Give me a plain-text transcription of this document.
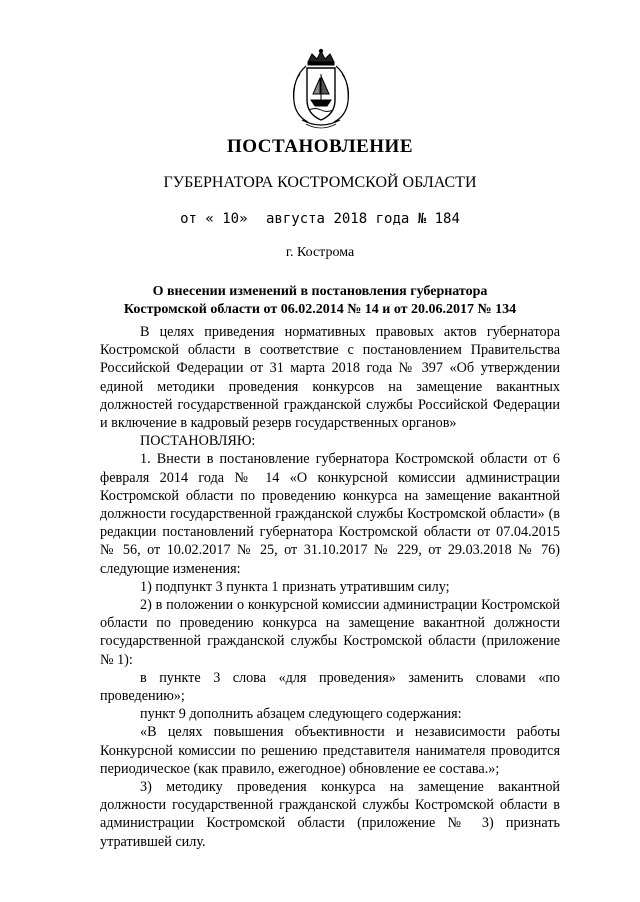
ПОСТАНОВЛЕНИЕ
ГУБЕРНАТОРА КОСТРОМСКОЙ ОБЛАСТИ
от « 10» августа 2018 года № 184
г. Кострома
О внесении изменений в постановления губернатора
Костромской области от 06.02.2014 № 14 и от 20.06.2017 № 134

В целях приведения нормативных правовых актов губернатора Костромской области в соответствие с постановлением Правительства Российской Федерации от 31 марта 2018 года № 397 «Об утверждении единой методики проведения конкурсов на замещение вакантных должностей государственной гражданской службы Российской Федерации и включение в кадровый резерв государственных органов»

ПОСТАНОВЛЯЮ:

1. Внести в постановление губернатора Костромской области от 6 февраля 2014 года № 14 «О конкурсной комиссии администрации Костромской области по проведению конкурса на замещение вакантной должности государственной гражданской службы Костромской области» (в редакции постановлений губернатора Костромской области от 07.04.2015 № 56, от 10.02.2017 № 25, от 31.10.2017 № 229, от 29.03.2018 № 76) следующие изменения:

1) подпункт 3 пункта 1 признать утратившим силу;

2) в положении о конкурсной комиссии администрации Костромской области по проведению конкурса на замещение вакантной должности государственной гражданской службы Костромской области (приложение № 1):

в пункте 3 слова «для проведения» заменить словами «по проведению»;

пункт 9 дополнить абзацем следующего содержания:

«В целях повышения объективности и независимости работы Конкурсной комиссии по решению представителя нанимателя проводится периодическое (как правило, ежегодное) обновление ее состава.»;

3) методику проведения конкурса на замещение вакантной должности государственной гражданской службы Костромской области в администрации Костромской области (приложение № 3) признать утратившей силу.
